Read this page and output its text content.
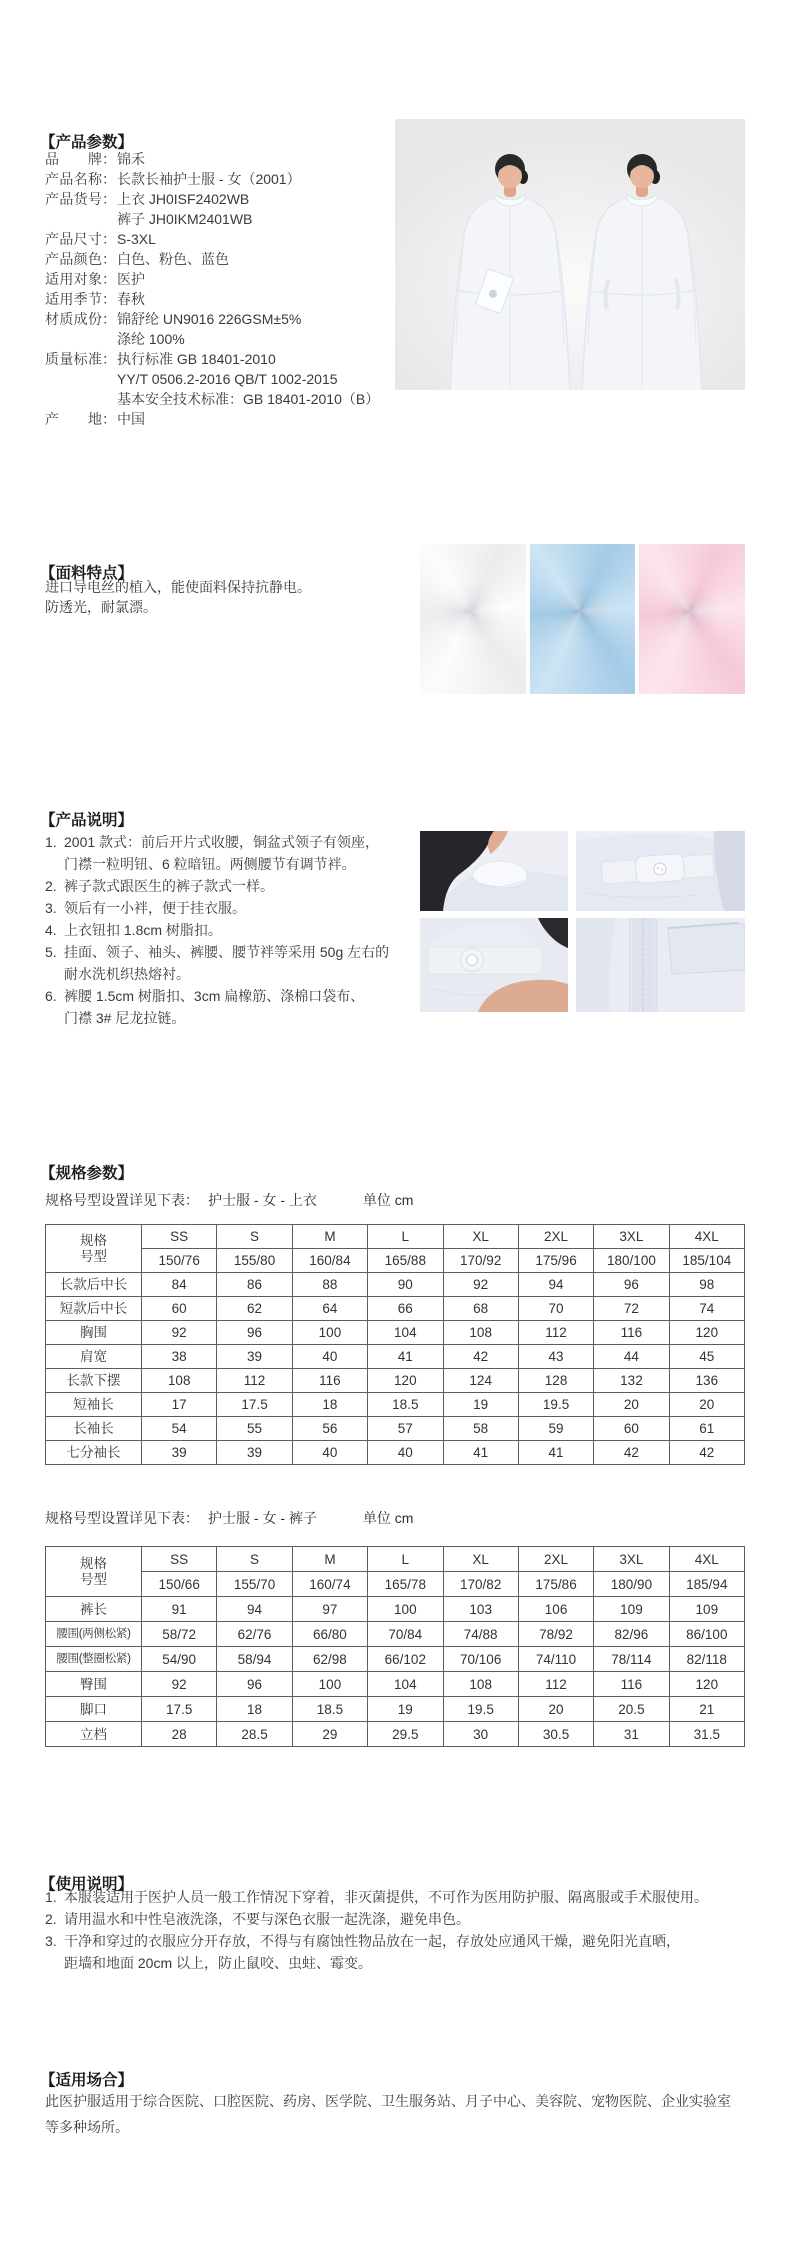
【产品参数】
品牌：锦禾
产品名称：长款长袖护士服 - 女（2001）
产品货号：上衣 JH0ISF2402WB
裤子 JH0IKM2401WB
产品尺寸：S-3XL
产品颜色：白色、粉色、蓝色
适用对象：医护
适用季节：春秋
材质成份：锦舒纶 UN9016 226GSM±5%
涤纶 100%
质量标准：执行标准 GB 18401-2010
YY/T 0506.2-2016 QB/T 1002-2015
基本安全技术标准：GB 18401-2010（B）
产地：中国
【面料特点】

进口导电丝的植入，能使面料保持抗静电。

防透光，耐氯漂。

【产品说明】
1. 2001 款式：前后开片式收腰，铜盆式领子有领座，
门襟一粒明钮、6 粒暗钮。两侧腰节有调节袢。
2. 裤子款式跟医生的裤子款式一样。
3. 领后有一小袢，便于挂衣服。
4. 上衣钮扣 1.8cm 树脂扣。
5. 挂面、领子、袖头、裤腰、腰节袢等采用 50g 左右的
耐水洗机织热熔衬。
6. 裤腰 1.5cm 树脂扣、3cm 扁橡筋、涤棉口袋布、
门襟 3# 尼龙拉链。
【规格参数】
规格号型设置详见下表： 护士服 - 女 - 上衣	单位 cm
规格
号型	SS	S	M	L	XL	2XL	3XL	4XL
	150/76	155/80	160/84	165/88	170/92	175/96	180/100	185/104
长款后中长	84	86	88	90	92	94	96	98
短款后中长	60	62	64	66	68	70	72	74
胸围	92	96	100	104	108	112	116	120
肩宽	38	39	40	41	42	43	44	45
长款下摆	108	112	116	120	124	128	132	136
短袖长	17	17.5	18	18.5	19	19.5	20	20
长袖长	54	55	56	57	58	59	60	61
七分袖长	39	39	40	40	41	41	42	42
规格号型设置详见下表： 护士服 - 女 - 裤子	单位 cm
规格
号型	SS	S	M	L	XL	2XL	3XL	4XL
	150/66	155/70	160/74	165/78	170/82	175/86	180/90	185/94
裤长	91	94	97	100	103	106	109	109
腰围(两侧松紧)	58/72	62/76	66/80	70/84	74/88	78/92	82/96	86/100
腰围(整圈松紧)	54/90	58/94	62/98	66/102	70/106	74/110	78/114	82/118
臀围	92	96	100	104	108	112	116	120
脚口	17.5	18	18.5	19	19.5	20	20.5	21
立档	28	28.5	29	29.5	30	30.5	31	31.5
【使用说明】
1. 本服装适用于医护人员一般工作情况下穿着，非灭菌提供，不可作为医用防护服、隔离服或手术服使用。
2. 请用温水和中性皂液洗涤，不要与深色衣服一起洗涤，避免串色。
3. 干净和穿过的衣服应分开存放，不得与有腐蚀性物品放在一起，存放处应通风干燥，避免阳光直晒，
距墙和地面 20cm 以上，防止鼠咬、虫蛀、霉变。
【适用场合】

此医护服适用于综合医院、口腔医院、药房、医学院、卫生服务站、月子中心、美容院、宠物医院、企业实验室

等多种场所。
